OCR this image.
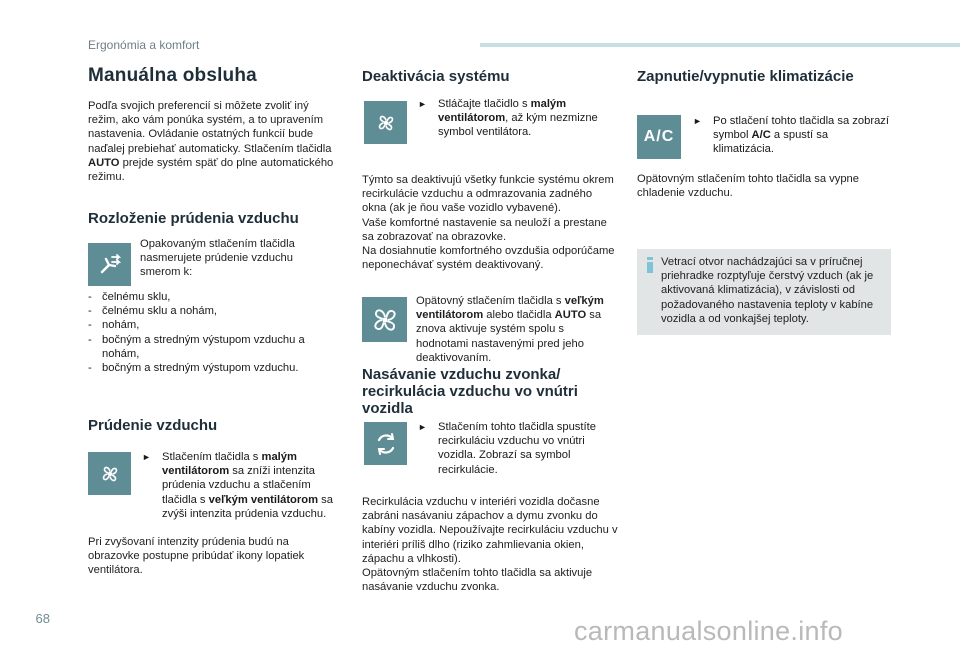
Ergonómia a komfort
Manuálna obsluha
Podľa svojich preferencií si môžete zvoliť iný režim, ako vám ponúka systém, a to upravením nastavenia. Ovládanie ostatných funkcií bude naďalej prebiehať automaticky. Stlačením tlačidla AUTO prejde systém späť do plne automatického režimu.
Rozloženie prúdenia vzduchu
Opakovaným stlačením tlačidla nasmerujete prúdenie vzduchu smerom k:
- čelnému sklu,
- čelnému sklu a nohám,
- nohám,
- bočným a stredným výstupom vzduchu a nohám,
- bočným a stredným výstupom vzduchu.
Prúdenie vzduchu
► Stlačením tlačidla s malým ventilátorom sa zníži intenzita prúdenia vzduchu a stlačením tlačidla s veľkým ventilátorom sa zvýši intenzita prúdenia vzduchu.
Pri zvyšovaní intenzity prúdenia budú na obrazovke postupne pribúdať ikony lopatiek ventilátora.
Deaktivácia systému
► Stláčajte tlačidlo s malým ventilátorom, až kým nezmizne symbol ventilátora.
Týmto sa deaktivujú všetky funkcie systému okrem recirkulácie vzduchu a odmrazovania zadného okna (ak je ňou vaše vozidlo vybavené).
Vaše komfortné nastavenie sa neuloží a prestane sa zobrazovať na obrazovke.
Na dosiahnutie komfortného ovzdušia odporúčame neponechávať systém deaktivovaný.
Opätovný stlačením tlačidla s veľkým ventilátorom alebo tlačidla AUTO sa znova aktivuje systém spolu s hodnotami nastavenými pred jeho deaktivovaním.
Nasávanie vzduchu zvonka/ recirkulácia vzduchu vo vnútri vozidla
► Stlačením tohto tlačidla spustíte recirkuláciu vzduchu vo vnútri vozidla. Zobrazí sa symbol recirkulácie.
Recirkulácia vzduchu v interiéri vozidla dočasne zabráni nasávaniu zápachov a dymu zvonku do kabíny vozidla. Nepoužívajte recirkuláciu vzduchu v interiéri príliš dlho (riziko zahmlievania okien, zápachu a vlhkosti).
Opätovným stlačením tohto tlačidla sa aktivuje nasávanie vzduchu zvonka.
Zapnutie/vypnutie klimatizácie
A/C
► Po stlačení tohto tlačidla sa zobrazí symbol A/C a spustí sa klimatizácia.
Opätovným stlačením tohto tlačidla sa vypne chladenie vzduchu.
Vetrací otvor nachádzajúci sa v príručnej priehradke rozptyľuje čerstvý vzduch (ak je aktivovaná klimatizácia), v závislosti od požadovaného nastavenia teploty v kabíne vozidla a od vonkajšej teploty.
68	carmanualsonline.info
